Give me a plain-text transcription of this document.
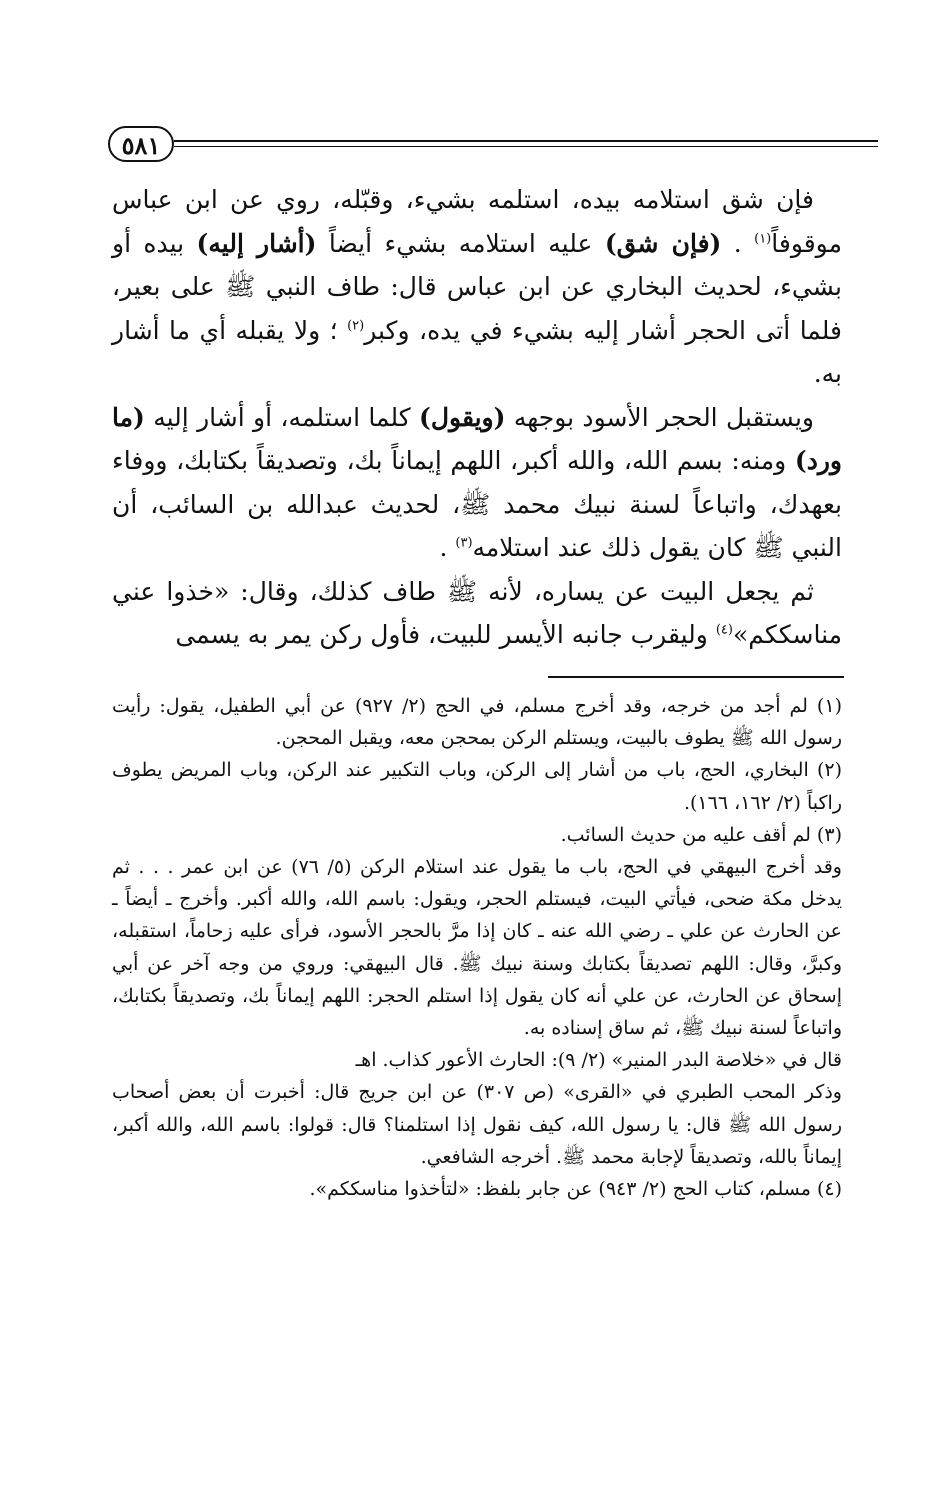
٥٨١

فإن شق استلامه بيده، استلمه بشيء، وقبّله، روي عن ابن عباس موقوفاً$^{(١)}$ . (فإن شق) عليه استلامه بشيء أيضاً (أشار إليه) بيده أو بشيء، لحديث البخاري عن ابن عباس قال: طاف النبي ﷺ على بعير، فلما أتى الحجر أشار إليه بشيء في يده، وكبر$^{(٢)}$ ؛ ولا يقبله أي ما أشار به.

ويستقبل الحجر الأسود بوجهه (ويقول) كلما استلمه، أو أشار إليه (ما ورد) ومنه: بسم الله، والله أكبر، اللهم إيماناً بك، وتصديقاً بكتابك، ووفاء بعهدك، واتباعاً لسنة نبيك محمد ﷺ، لحديث عبدالله بن السائب، أن النبي ﷺ كان يقول ذلك عند استلامه$^{(٣)}$ .

ثم يجعل البيت عن يساره، لأنه ﷺ طاف كذلك، وقال: «خذوا عني مناسككم»$^{(٤)}$ وليقرب جانبه الأيسر للبيت، فأول ركن يمر به يسمى

(١) لم أجد من خرجه، وقد أخرج مسلم، في الحج (٢/ ٩٢٧) عن أبي الطفيل، يقول: رأيت رسول الله ﷺ يطوف بالبيت، ويستلم الركن بمحجن معه، ويقبل المحجن.

(٢) البخاري، الحج، باب من أشار إلى الركن، وباب التكبير عند الركن، وباب المريض يطوف راكباً (٢/ ١٦٢، ١٦٦).

(٣) لم أقف عليه من حديث السائب.

وقد أخرج البيهقي في الحج، باب ما يقول عند استلام الركن (٥/ ٧٦) عن ابن عمر . . . ثم يدخل مكة ضحى، فيأتي البيت، فيستلم الحجر، ويقول: باسم الله، والله أكبر. وأخرج ـ أيضاً ـ عن الحارث عن علي ـ رضي الله عنه ـ كان إذا مرَّ بالحجر الأسود، فرأى عليه زحاماً، استقبله، وكبرَّ، وقال: اللهم تصديقاً بكتابك وسنة نبيك ﷺ. قال البيهقي: وروي من وجه آخر عن أبي إسحاق عن الحارث، عن علي أنه كان يقول إذا استلم الحجر: اللهم إيماناً بك، وتصديقاً بكتابك، واتباعاً لسنة نبيك ﷺ، ثم ساق إسناده به.

قال في «خلاصة البدر المنير» (٢/ ٩): الحارث الأعور كذاب. اهـ

وذكر المحب الطبري في «القرى» (ص ٣٠٧) عن ابن جريج قال: أخبرت أن بعض أصحاب رسول الله ﷺ قال: يا رسول الله، كيف نقول إذا استلمنا؟ قال: قولوا: باسم الله، والله أكبر، إيماناً بالله، وتصديقاً لإجابة محمد ﷺ. أخرجه الشافعي.

(٤) مسلم، كتاب الحج (٢/ ٩٤٣) عن جابر بلفظ: «لتأخذوا مناسككم».
